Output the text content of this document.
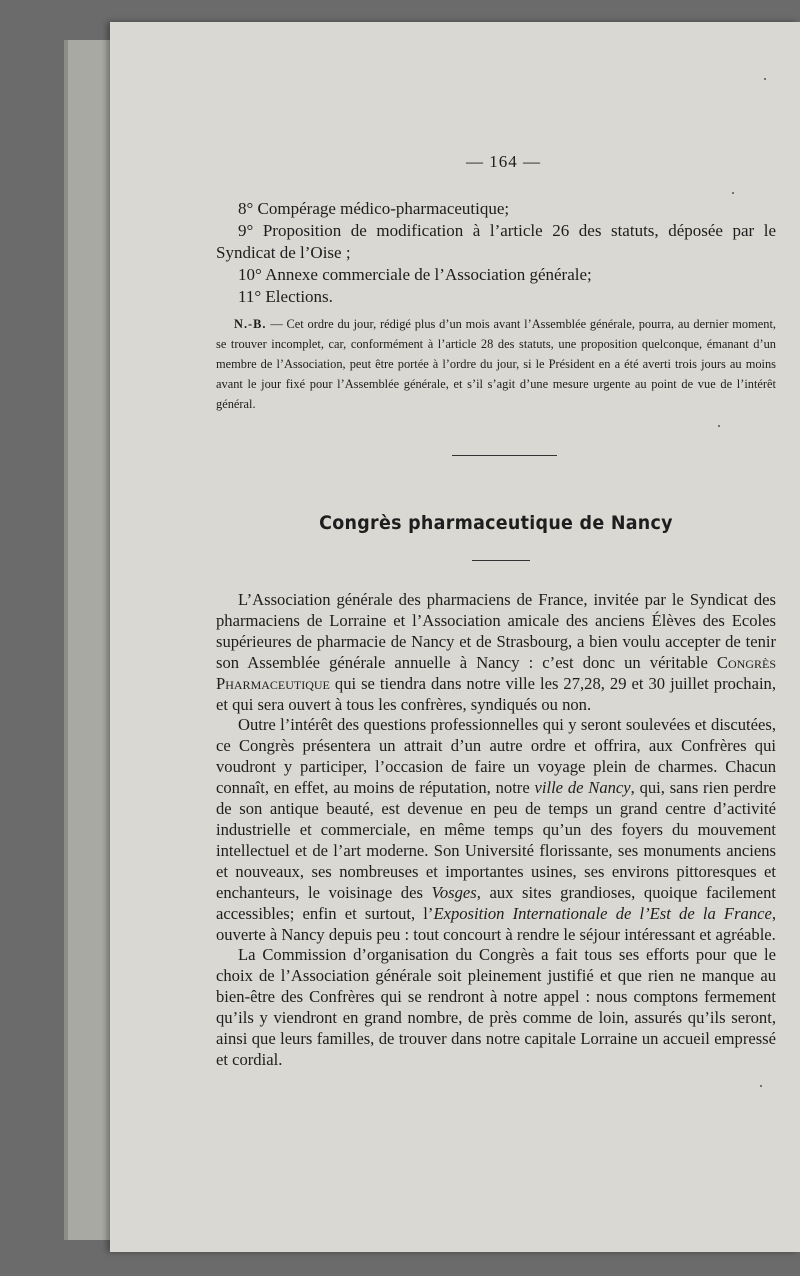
— 164 —
8° Compérage médico-pharmaceutique;
9° Proposition de modification à l’article 26 des statuts, déposée par le Syndicat de l’Oise ;
10° Annexe commerciale de l’Association générale;
11° Elections.
N.-B. — Cet ordre du jour, rédigé plus d’un mois avant l’Assemblée générale, pourra, au dernier moment, se trouver incomplet, car, conformément à l’article 28 des statuts, une proposition quelconque, émanant d’un membre de l’Association, peut être portée à l’ordre du jour, si le Président en a été averti trois jours au moins avant le jour fixé pour l’Assemblée générale, et s’il s’agit d’une mesure urgente au point de vue de l’intérêt général.
Congrès pharmaceutique de Nancy

L’Association générale des pharmaciens de France, invitée par le Syndicat des pharmaciens de Lorraine et l’Association amicale des anciens Élèves des Ecoles supérieures de pharmacie de Nancy et de Strasbourg, a bien voulu accepter de tenir son Assemblée générale annuelle à Nancy : c’est donc un véritable Congrès Pharmaceutique qui se tiendra dans notre ville les 27,28, 29 et 30 juillet prochain, et qui sera ouvert à tous les confrères, syndiqués ou non.

Outre l’intérêt des questions professionnelles qui y seront soulevées et discutées, ce Congrès présentera un attrait d’un autre ordre et offrira, aux Confrères qui voudront y participer, l’occasion de faire un voyage plein de charmes. Chacun connaît, en effet, au moins de réputation, notre ville de Nancy, qui, sans rien perdre de son antique beauté, est devenue en peu de temps un grand centre d’activité industrielle et commerciale, en même temps qu’un des foyers du mouvement intellectuel et de l’art moderne. Son Université florissante, ses monuments anciens et nouveaux, ses nombreuses et importantes usines, ses environs pittoresques et enchanteurs, le voisinage des Vosges, aux sites grandioses, quoique facilement accessibles; enfin et surtout, l’Exposition Internationale de l’Est de la France, ouverte à Nancy depuis peu : tout concourt à rendre le séjour intéressant et agréable.

La Commission d’organisation du Congrès a fait tous ses efforts pour que le choix de l’Association générale soit pleinement justifié et que rien ne manque au bien-être des Confrères qui se rendront à notre appel : nous comptons fermement qu’ils y viendront en grand nombre, de près comme de loin, assurés qu’ils seront, ainsi que leurs familles, de trouver dans notre capitale Lorraine un accueil empressé et cordial.
